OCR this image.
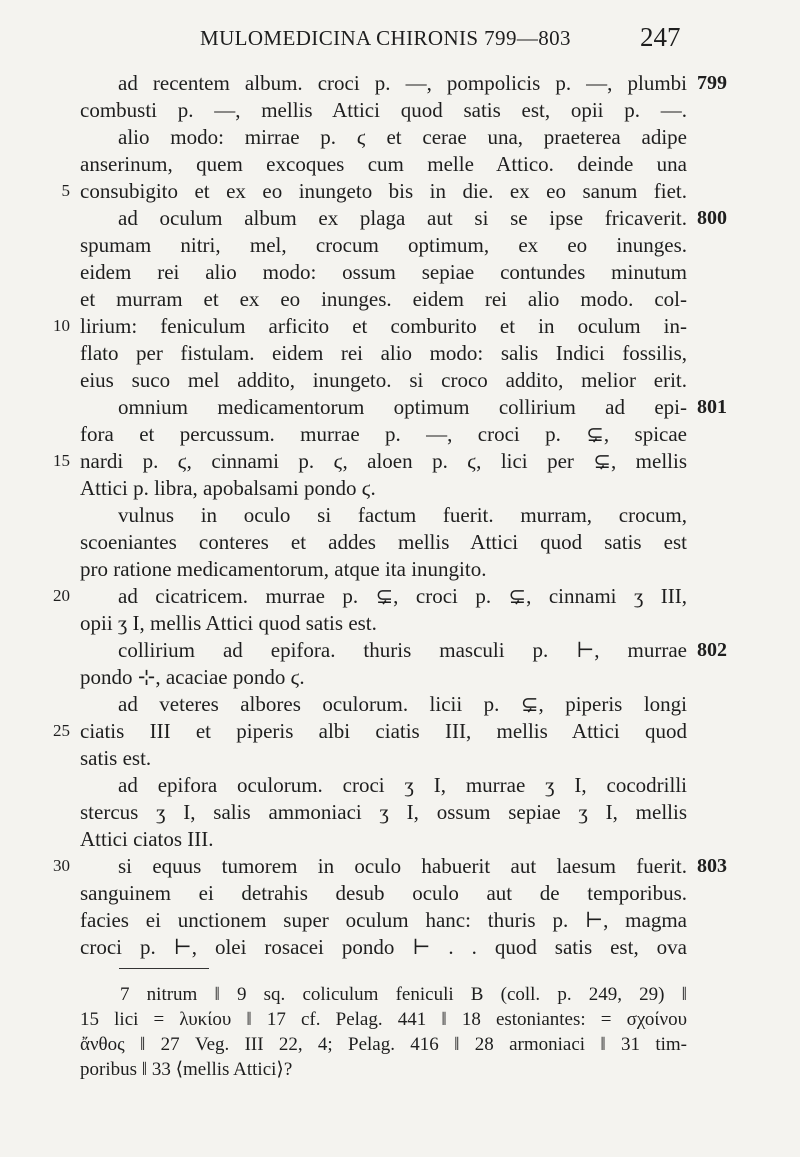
MULOMEDICINA CHIRONIS 799—803	247
ad recentem album. croci p. —, pompolicis p. —, plumbi 799
combusti p. —, mellis Attici quod satis est, opii p. —.
alio modo: mirrae p. ϛ et cerae una, praeterea adipe
anserinum, quem excoques cum melle Attico. deinde una
5 consubigito et ex eo inungeto bis in die. ex eo sanum fiet.
ad oculum album ex plaga aut si se ipse fricaverit. 800
spumam nitri, mel, crocum optimum, ex eo inunges.
eidem rei alio modo: ossum sepiae contundes minutum
et murram et ex eo inunges. eidem rei alio modo. col-
10 lirium: feniculum arficito et comburito et in oculum in-
flato per fistulam. eidem rei alio modo: salis Indici fossilis,
eius suco mel addito, inungeto. si croco addito, melior erit.
omnium medicamentorum optimum collirium ad epi- 801
fora et percussum. murrae p. —, croci p. ⊊, spicae
15 nardi p. ϛ, cinnami p. ϛ, aloen p. ϛ, lici per ⊊, mellis
Attici p. libra, apobalsami pondo ϛ.
vulnus in oculo si factum fuerit. murram, crocum,
scoeniantes conteres et addes mellis Attici quod satis est
pro ratione medicamentorum, atque ita inungito.
20 ad cicatricem. murrae p. ⊊, croci p. ⊊, cinnami ʒ III,
opii ʒ I, mellis Attici quod satis est.
collirium ad epifora. thuris masculi p. ⊢, murrae 802
pondo ⊹, acaciae pondo ϛ.
ad veteres albores oculorum. licii p. ⊊, piperis longi
25 ciatis III et piperis albi ciatis III, mellis Attici quod
satis est.
ad epifora oculorum. croci ʒ I, murrae ʒ I, cocodrilli
stercus ʒ I, salis ammoniaci ʒ I, ossum sepiae ʒ I, mellis
Attici ciatos III.
30 si equus tumorem in oculo habuerit aut laesum fuerit. 803
sanguinem ei detrahis desub oculo aut de temporibus.
facies ei unctionem super oculum hanc: thuris p. ⊢, magma
croci p. ⊢, olei rosacei pondo ⊢ . . quod satis est, ova
7 nitrum ‖ 9 sq. coliculum feniculi B (coll. p. 249, 29) ‖
15 lici = λυκίου ‖ 17 cf. Pelag. 441 ‖ 18 estoniantes: = σχοίνου
ἄνθος ‖ 27 Veg. III 22, 4; Pelag. 416 ‖ 28 armoniaci ‖ 31 tim-
poribus ‖ 33 ⟨mellis Attici⟩?
